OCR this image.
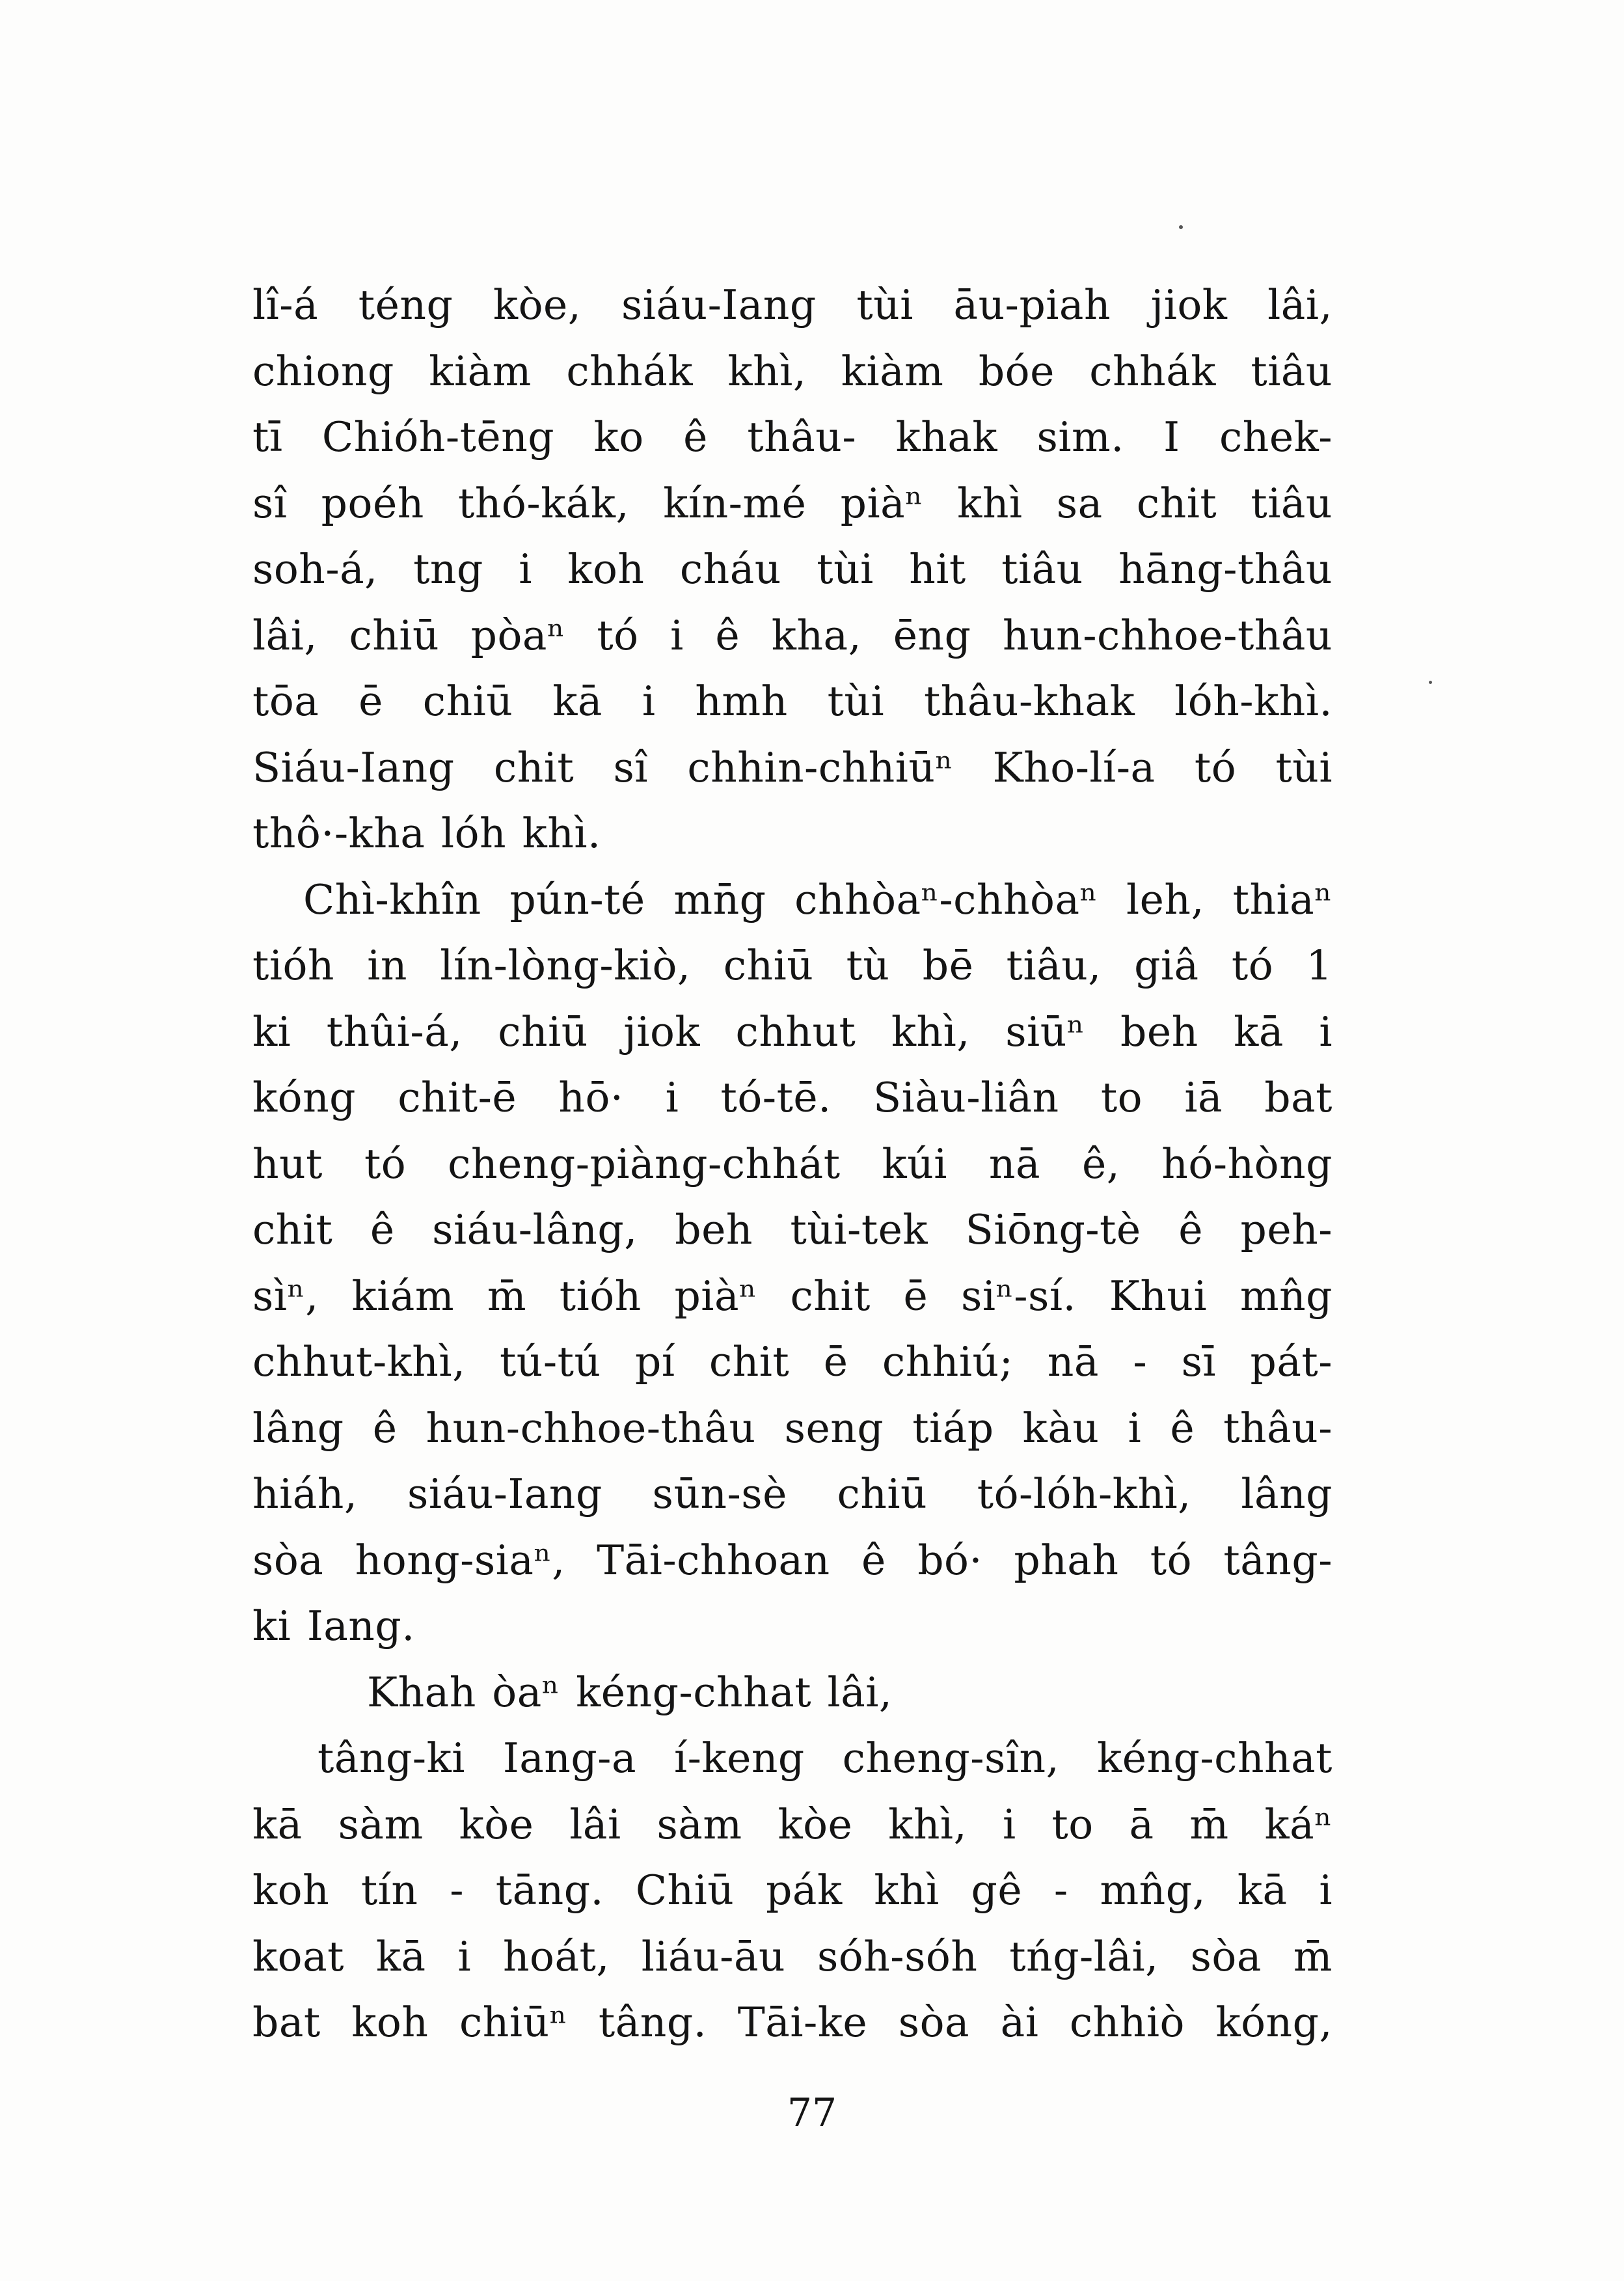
lî-á téng kòe, siáu-Iang tùi āu-piah jiok lâi,
chiong kiàm chhák khì, kiàm bóe chhák tiâu
tī Chióh-tēng ko ê thâu- khak sim. I chek-
sî poéh thó-kák, kín-mé piàⁿ khì sa chit tiâu
soh-á, tng i koh cháu tùi hit tiâu hāng-thâu
lâi, chiū pòaⁿ tó i ê kha, ēng hun-chhoe-thâu
tōa ē chiū kā i hmh tùi thâu-khak lóh-khì.
Siáu-Iang chit sî chhin-chhiūⁿ Kho-lí-a tó tùi
thô·-kha lóh khì.

Chì-khîn pún-té mn̄g chhòaⁿ-chhòaⁿ leh, thiaⁿ
tióh in lín-lòng-kiò, chiū tù bē tiâu, giâ tó 1
ki thûi-á, chiū jiok chhut khì, siūⁿ beh kā i
kóng chit-ē hō· i tó-tē. Siàu-liân to iā bat
hut tó cheng-piàng-chhát kúi nā ê, hó-hòng
chit ê siáu-lâng, beh tùi-tek Siōng-tè ê peh-
sìⁿ, kiám m̄ tióh piàⁿ chit ē siⁿ-sí. Khui mn̂g
chhut-khì, tú-tú pí chit ē chhiú; nā - sī pát-
lâng ê hun-chhoe-thâu seng tiáp kàu i ê thâu-
hiáh, siáu-Iang sūn-sè chiū tó-lóh-khì, lâng
sòa hong-siaⁿ, Tāi-chhoan ê bó· phah tó tâng-
ki Iang.

Khah òaⁿ kéng-chhat lâi,

tâng-ki Iang-a í-keng cheng-sîn, kéng-chhat
kā sàm kòe lâi sàm kòe khì, i to ā m̄ káⁿ
koh tín - tāng. Chiū pák khì gê - mn̂g, kā i
koat kā i hoát, liáu-āu sóh-sóh tńg-lâi, sòa m̄
bat koh chiūⁿ tâng. Tāi-ke sòa ài chhiò kóng,

77
